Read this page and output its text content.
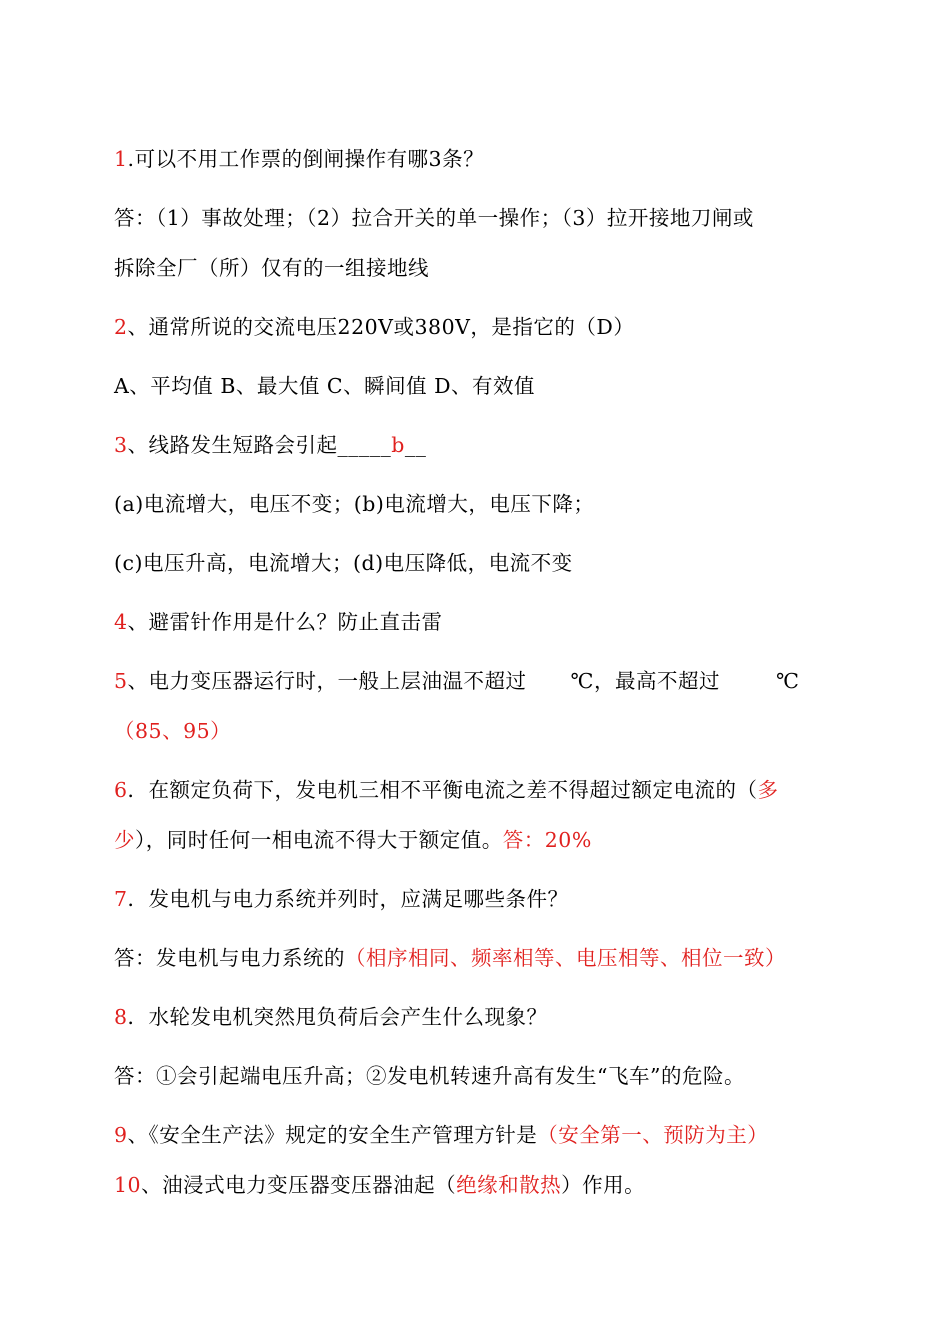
1.可以不用工作票的倒闸操作有哪3条？
答：（1）事故处理；（2）拉合开关的单一操作；（3）拉开接地刀闸或
拆除全厂（所）仅有的一组接地线
2、通常所说的交流电压220V或380V，是指它的（D）
A、平均值 B、最大值 C、瞬间值 D、有效值
3、线路发生短路会引起_____b__
(a)电流增大，电压不变；(b)电流增大，电压下降；
(c)电压升高，电流增大；(d)电压降低，电流不变
4、避雷针作用是什么？防止直击雷
5、电力变压器运行时，一般上层油温不超过 ℃，最高不超过	℃
（85、95）
6．在额定负荷下，发电机三相不平衡电流之差不得超过额定电流的（多
少），同时任何一相电流不得大于额定值。答：20%
7．发电机与电力系统并列时，应满足哪些条件？
答：发电机与电力系统的（相序相同、频率相等、电压相等、相位一致）
8．水轮发电机突然甩负荷后会产生什么现象？
答：①会引起端电压升高；②发电机转速升高有发生“飞车”的危险。
9、《安全生产法》规定的安全生产管理方针是（安全第一、预防为主）
10、油浸式电力变压器变压器油起（绝缘和散热）作用。
